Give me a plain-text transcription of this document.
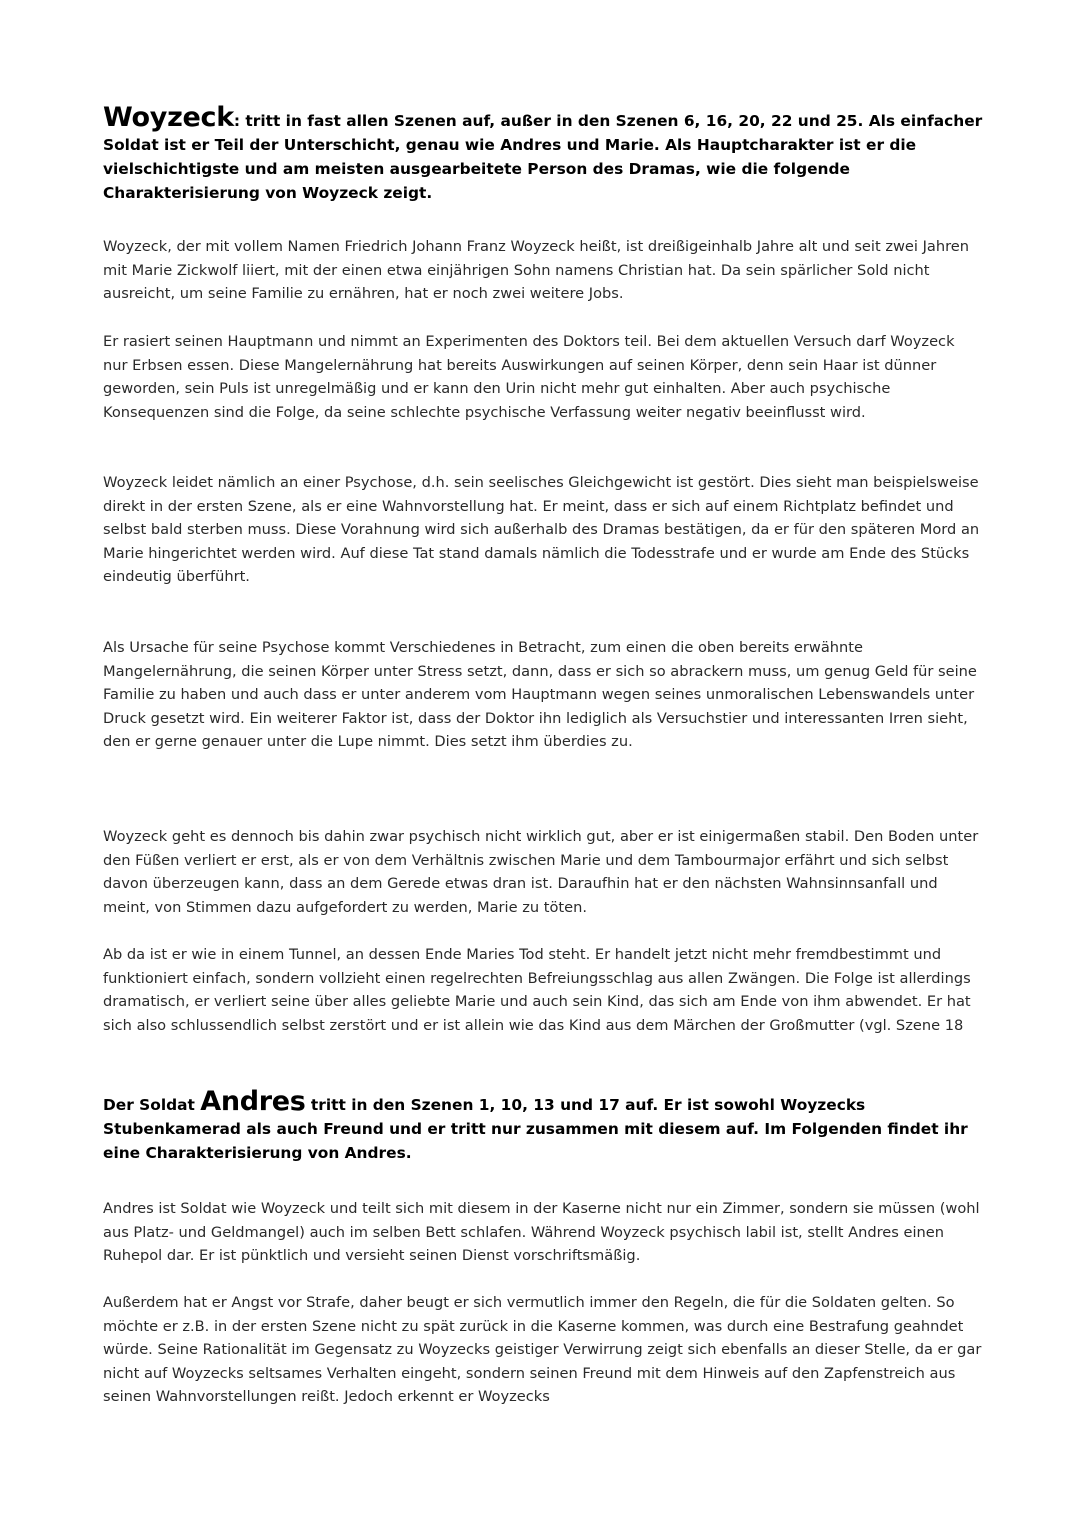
Woyzeck: tritt in fast allen Szenen auf, außer in den Szenen 6, 16, 20, 22 und 25. Als einfacher Soldat ist er Teil der Unterschicht, genau wie Andres und Marie. Als Hauptcharakter ist er die vielschichtigste und am meisten ausgearbeitete Person des Dramas, wie die folgende Charakterisierung von Woyzeck zeigt.

Woyzeck, der mit vollem Namen Friedrich Johann Franz Woyzeck heißt, ist dreißigeinhalb Jahre alt und seit zwei Jahren mit Marie Zickwolf liiert, mit der einen etwa einjährigen Sohn namens Christian hat. Da sein spärlicher Sold nicht ausreicht, um seine Familie zu ernähren, hat er noch zwei weitere Jobs.

Er rasiert seinen Hauptmann und nimmt an Experimenten des Doktors teil. Bei dem aktuellen Versuch darf Woyzeck nur Erbsen essen. Diese Mangelernährung hat bereits Auswirkungen auf seinen Körper, denn sein Haar ist dünner geworden, sein Puls ist unregelmäßig und er kann den Urin nicht mehr gut einhalten. Aber auch psychische Konsequenzen sind die Folge, da seine schlechte psychische Verfassung weiter negativ beeinflusst wird.

Woyzeck leidet nämlich an einer Psychose, d.h. sein seelisches Gleichgewicht ist gestört. Dies sieht man beispielsweise direkt in der ersten Szene, als er eine Wahnvorstellung hat. Er meint, dass er sich auf einem Richtplatz befindet und selbst bald sterben muss. Diese Vorahnung wird sich außerhalb des Dramas bestätigen, da er für den späteren Mord an Marie hingerichtet werden wird. Auf diese Tat stand damals nämlich die Todesstrafe und er wurde am Ende des Stücks eindeutig überführt.

Als Ursache für seine Psychose kommt Verschiedenes in Betracht, zum einen die oben bereits erwähnte Mangelernährung, die seinen Körper unter Stress setzt, dann, dass er sich so abrackern muss, um genug Geld für seine Familie zu haben und auch dass er unter anderem vom Hauptmann wegen seines unmoralischen Lebenswandels unter Druck gesetzt wird. Ein weiterer Faktor ist, dass der Doktor ihn lediglich als Versuchstier und interessanten Irren sieht, den er gerne genauer unter die Lupe nimmt. Dies setzt ihm überdies zu.

Woyzeck geht es dennoch bis dahin zwar psychisch nicht wirklich gut, aber er ist einigermaßen stabil. Den Boden unter den Füßen verliert er erst, als er von dem Verhältnis zwischen Marie und dem Tambourmajor erfährt und sich selbst davon überzeugen kann, dass an dem Gerede etwas dran ist. Daraufhin hat er den nächsten Wahnsinnsanfall und meint, von Stimmen dazu aufgefordert zu werden, Marie zu töten.

Ab da ist er wie in einem Tunnel, an dessen Ende Maries Tod steht. Er handelt jetzt nicht mehr fremdbestimmt und funktioniert einfach, sondern vollzieht einen regelrechten Befreiungsschlag aus allen Zwängen. Die Folge ist allerdings dramatisch, er verliert seine über alles geliebte Marie und auch sein Kind, das sich am Ende von ihm abwendet. Er hat sich also schlussendlich selbst zerstört und er ist allein wie das Kind aus dem Märchen der Großmutter (vgl. Szene 18

Der Soldat Andres tritt in den Szenen 1, 10, 13 und 17 auf. Er ist sowohl Woyzecks Stubenkamerad als auch Freund und er tritt nur zusammen mit diesem auf. Im Folgenden findet ihr eine Charakterisierung von Andres.

Andres ist Soldat wie Woyzeck und teilt sich mit diesem in der Kaserne nicht nur ein Zimmer, sondern sie müssen (wohl aus Platz- und Geldmangel) auch im selben Bett schlafen. Während Woyzeck psychisch labil ist, stellt Andres einen Ruhepol dar. Er ist pünktlich und versieht seinen Dienst vorschriftsmäßig.

Außerdem hat er Angst vor Strafe, daher beugt er sich vermutlich immer den Regeln, die für die Soldaten gelten. So möchte er z.B. in der ersten Szene nicht zu spät zurück in die Kaserne kommen, was durch eine Bestrafung geahndet würde. Seine Rationalität im Gegensatz zu Woyzecks geistiger Verwirrung zeigt sich ebenfalls an dieser Stelle, da er gar nicht auf Woyzecks seltsames Verhalten eingeht, sondern seinen Freund mit dem Hinweis auf den Zapfenstreich aus seinen Wahnvorstellungen reißt. Jedoch erkennt er Woyzecks
